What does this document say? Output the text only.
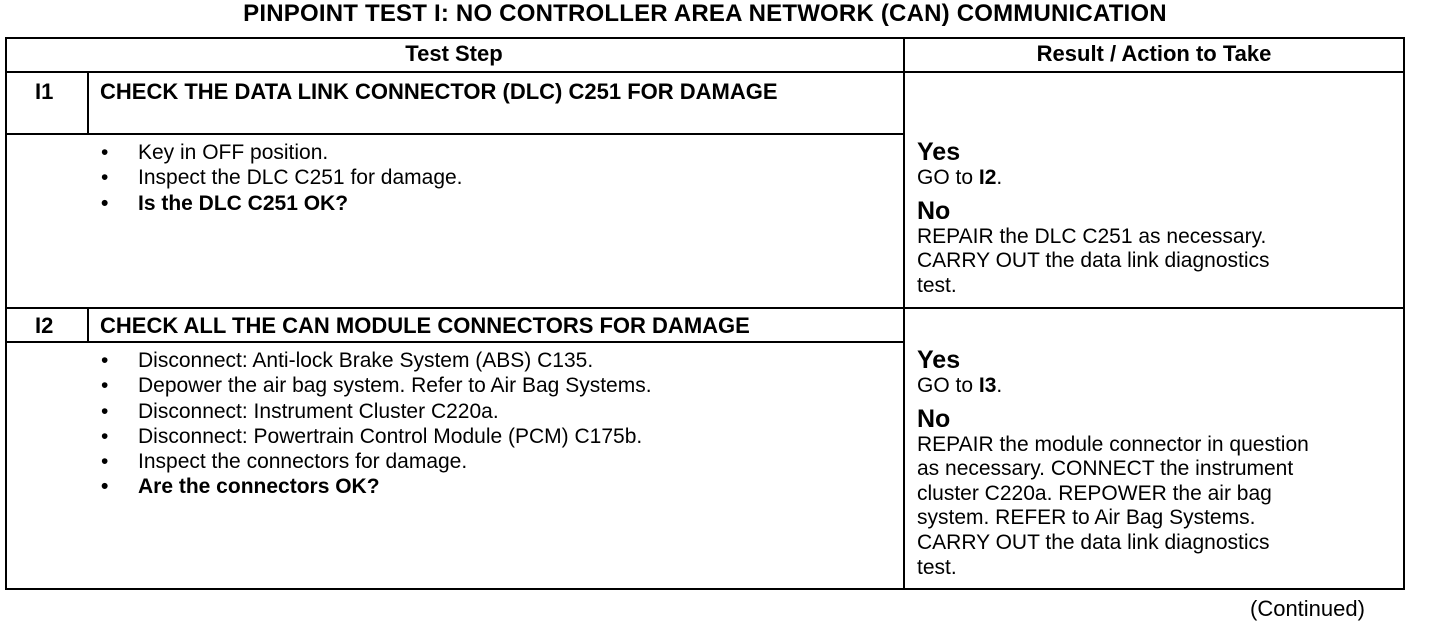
PINPOINT TEST I: NO CONTROLLER AREA NETWORK (CAN) COMMUNICATION
Test Step	Result / Action to Take
I1 CHECK THE DATA LINK CONNECTOR (DLC) C251 FOR DAMAGE
• Key in OFF position.
• Inspect the DLC C251 for damage.
• Is the DLC C251 OK?
Yes
GO to I2.
No
REPAIR the DLC C251 as necessary.
CARRY OUT the data link diagnostics
test.
I2 CHECK ALL THE CAN MODULE CONNECTORS FOR DAMAGE
• Disconnect: Anti-lock Brake System (ABS) C135.
• Depower the air bag system. Refer to Air Bag Systems.
• Disconnect: Instrument Cluster C220a.
• Disconnect: Powertrain Control Module (PCM) C175b.
• Inspect the connectors for damage.
• Are the connectors OK?
Yes
GO to I3.
No
REPAIR the module connector in question
as necessary. CONNECT the instrument
cluster C220a. REPOWER the air bag
system. REFER to Air Bag Systems.
CARRY OUT the data link diagnostics
test.
(Continued)
